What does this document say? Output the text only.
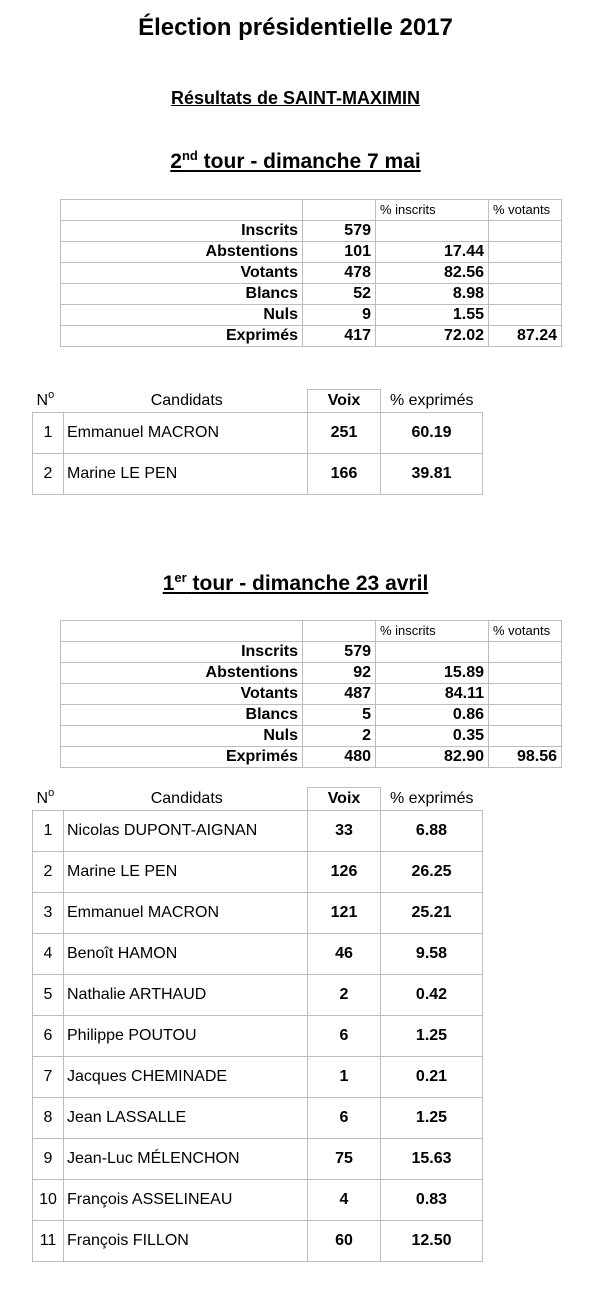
Élection présidentielle 2017
Résultats de SAINT-MAXIMIN
2nd tour - dimanche 7 mai
		% inscrits	% votants
Inscrits	579		
Abstentions	101	17.44	
Votants	478	82.56	
Blancs	52	8.98	
Nuls	9	1.55	
Exprimés	417	72.02	87.24
$N^o$	Candidats	Voix	% exprimés
1	Emmanuel MACRON	251	60.19
2	Marine LE PEN	166	39.81
1er tour - dimanche 23 avril
		% inscrits	% votants
Inscrits	579		
Abstentions	92	15.89	
Votants	487	84.11	
Blancs	5	0.86	
Nuls	2	0.35	
Exprimés	480	82.90	98.56
$N^o$	Candidats	Voix	% exprimés
1	Nicolas DUPONT-AIGNAN	33	6.88
2	Marine LE PEN	126	26.25
3	Emmanuel MACRON	121	25.21
4	Benoît HAMON	46	9.58
5	Nathalie ARTHAUD	2	0.42
6	Philippe POUTOU	6	1.25
7	Jacques CHEMINADE	1	0.21
8	Jean LASSALLE	6	1.25
9	Jean-Luc MÉLENCHON	75	15.63
10	François ASSELINEAU	4	0.83
11	François FILLON	60	12.50
